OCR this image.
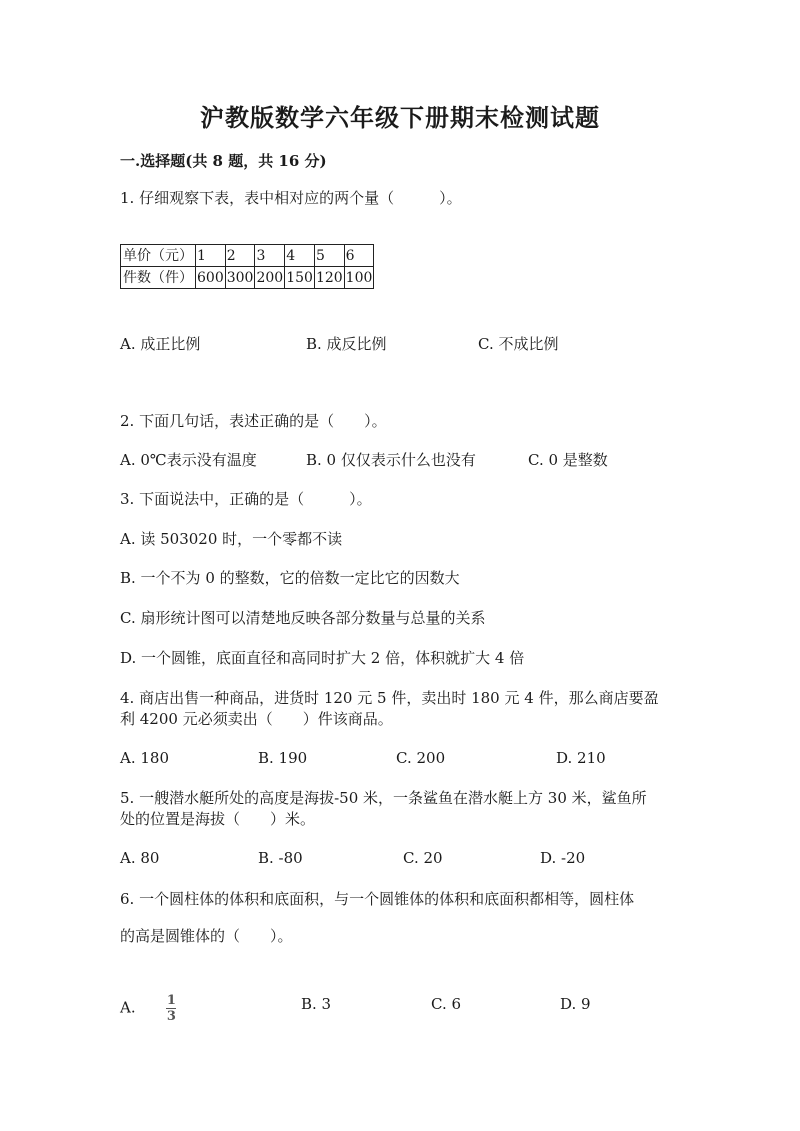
沪教版数学六年级下册期末检测试题
一.选择题(共 8 题，共 16 分)
1. 仔细观察下表，表中相对应的两个量（　　　）。
单价（元）	1	2	3	4	5	6
件数（件）	600	300	200	150	120	100
A. 成正比例	B. 成反比例	C. 不成比例
2. 下面几句话，表述正确的是（　　）。
A. 0℃表示没有温度	B. 0 仅仅表示什么也没有	C. 0 是整数
3. 下面说法中，正确的是（　　　）。
A. 读 503020 时，一个零都不读
B. 一个不为 0 的整数，它的倍数一定比它的因数大
C. 扇形统计图可以清楚地反映各部分数量与总量的关系
D. 一个圆锥，底面直径和高同时扩大 2 倍，体积就扩大 4 倍
4. 商店出售一种商品，进货时 120 元 5 件，卖出时 180 元 4 件，那么商店要盈
利 4200 元必须卖出（　　）件该商品。
A. 180	B. 190	C. 200	D. 210
5. 一艘潜水艇所处的高度是海拔-50 米，一条鲨鱼在潜水艇上方 30 米，鲨鱼所
处的位置是海拔（　　）米。
A. 80	B. -80	C. 20	D. -20
6. 一个圆柱体的体积和底面积，与一个圆锥体的体积和底面积都相等，圆柱体
的高是圆锥体的（　　）。
A. $\frac{1}{3}$	B. 3	C. 6	D. 9
